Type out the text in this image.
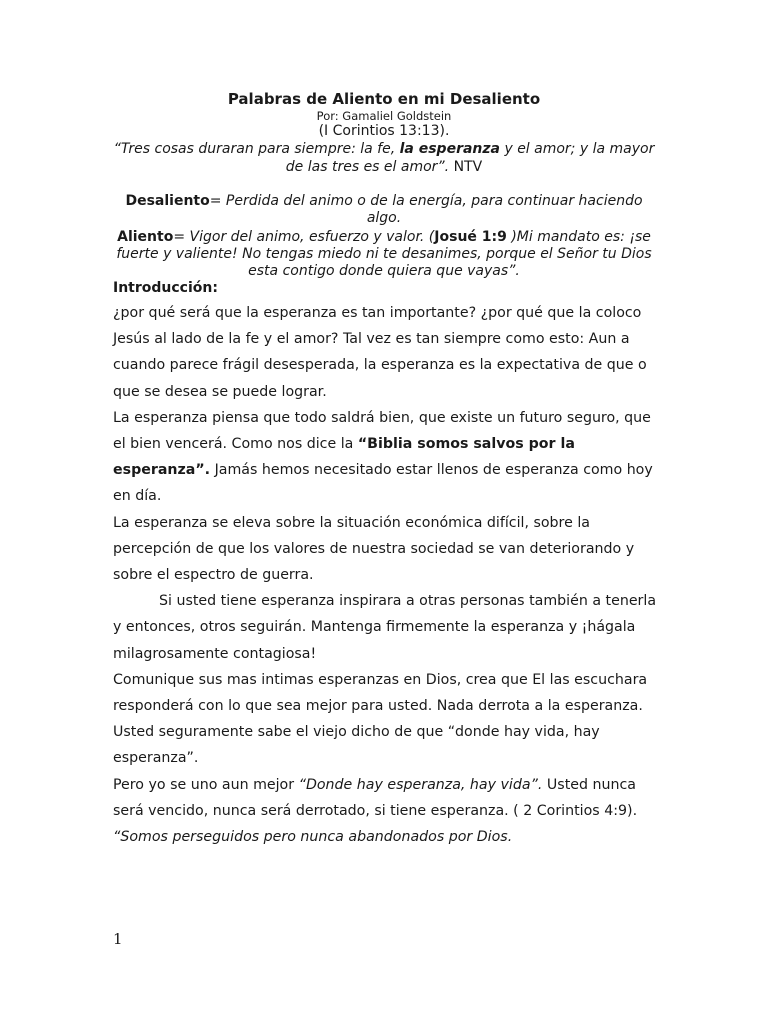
Palabras de Aliento en mi Desaliento
Por: Gamaliel Goldstein
(I Corintios 13:13).
“Tres cosas duraran para siempre: la fe, la esperanza y el amor; y la mayor de las tres es el amor”. NTV
Desaliento= Perdida del animo o de la energía, para continuar haciendo algo.
Aliento= Vigor del animo, esfuerzo y valor. (Josué 1:9 )Mi mandato es: ¡se fuerte y valiente! No tengas miedo ni te desanimes, porque el Señor tu Dios esta contigo donde quiera que vayas”.
Introducción:

¿por qué será que la esperanza es tan importante? ¿por qué que la coloco Jesús al lado de la fe y el amor? Tal vez es tan siempre como esto: Aun a cuando parece frágil desesperada, la esperanza es la expectativa de que o que se desea se puede lograr.

La esperanza piensa que todo saldrá bien, que existe un futuro seguro, que el bien vencerá. Como nos dice la “Biblia somos salvos por la esperanza”. Jamás hemos necesitado estar llenos de esperanza como hoy en día.

La esperanza se eleva sobre la situación económica difícil, sobre la percepción de que los valores de nuestra sociedad se van deteriorando y sobre el espectro de guerra.

Si usted tiene esperanza inspirara a otras personas también a tenerla y entonces, otros seguirán. Mantenga firmemente la esperanza y ¡hágala milagrosamente contagiosa!

Comunique sus mas intimas esperanzas en Dios, crea que El las escuchara responderá con lo que sea mejor para usted. Nada derrota a la esperanza.

Usted seguramente sabe el viejo dicho de que “donde hay vida, hay esperanza”.

Pero yo se uno aun mejor “Donde hay esperanza, hay vida”. Usted nunca será vencido, nunca será derrotado, si tiene esperanza. ( 2 Corintios 4:9). “Somos perseguidos pero nunca abandonados por Dios.

1
